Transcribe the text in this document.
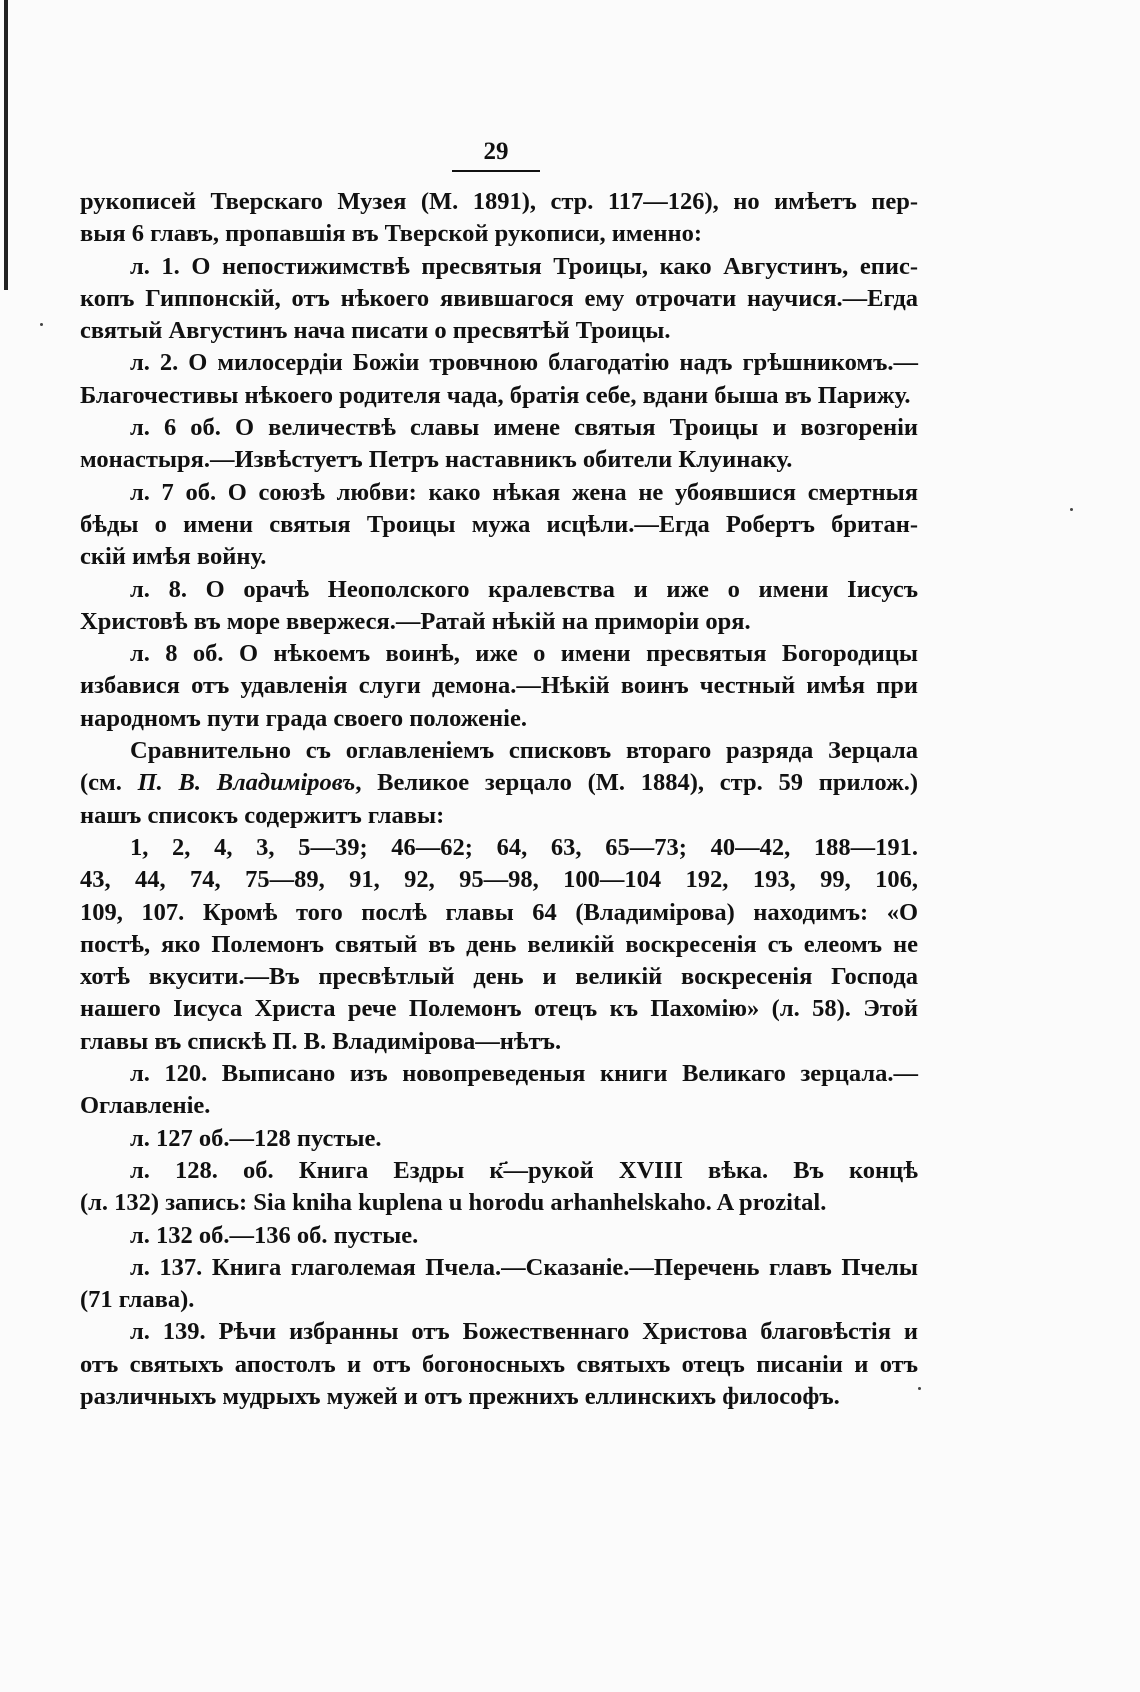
29

рукописей Тверскаго Музея (М. 1891), стр. 117—126), но имѣетъ пер-

выя 6 главъ, пропавшія въ Тверской рукописи, именно:

л. 1. О непостижимствѣ пресвятыя Троицы, како Августинъ, епис-

копъ Гиппонскій, отъ нѣкоего явившагося ему отрочати научися.—Егда

святый Августинъ нача писати о пресвятѣй Троицы.

л. 2. О милосердіи Божіи тровчною благодатію надъ грѣшникомъ.—

Благочестивы нѣкоего родителя чада, братія себе, вдани быша въ Парижу.

л. 6 об. О величествѣ славы имене святыя Троицы и возгореніи

монастыря.—Извѣстуетъ Петръ наставникъ обители Клуинаку.

л. 7 об. О союзѣ любви: како нѣкая жена не убоявшися смертныя

бѣды о имени святыя Троицы мужа исцѣли.—Егда Робертъ британ-

скій имѣя войну.

л. 8. О орачѣ Неополского кралевства и иже о имени Іисусъ

Христовѣ въ море ввержеся.—Ратай нѣкій на приморіи оря.

л. 8 об. О нѣкоемъ воинѣ, иже о имени пресвятыя Богородицы

избавися отъ удавленія слуги демона.—Нѣкій воинъ честный имѣя при

народномъ пути града своего положеніе.

Сравнительно съ оглавленіемъ списковъ втораго разряда Зерцала

(см. П. В. Владиміровъ, Великое зерцало (М. 1884), стр. 59 прилож.)

нашъ списокъ содержитъ главы:

1, 2, 4, 3, 5—39; 46—62; 64, 63, 65—73; 40—42, 188—191.

43, 44, 74, 75—89, 91, 92, 95—98, 100—104 192, 193, 99, 106,

109, 107. Кромѣ того послѣ главы 64 (Владимірова) находимъ: «О

постѣ, яко Полемонъ святый въ день великій воскресенія съ елеомъ не

хотѣ вкусити.—Въ пресвѣтлый день и великій воскресенія Господа

нашего Іисуса Христа рече Полемонъ отецъ къ Пахомію» (л. 58). Этой

главы въ спискѣ П. В. Владимірова—нѣтъ.

л. 120. Выписано изъ новопреведеныя книги Великаго зерцала.—

Оглавленіе.

л. 127 об.—128 пустые.

л. 128. об. Книга Ездры к҃—рукой XVIII вѣка. Въ концѣ

(л. 132) запись: Sia kniha kuplena u horodu arhanhelskaho. A prozital.

л. 132 об.—136 об. пустые.

л. 137. Книга глаголемая Пчела.—Сказаніе.—Перечень главъ Пчелы

(71 глава).

л. 139. Рѣчи избранны отъ Божественнаго Христова благовѣстія и

отъ святыхъ апостолъ и отъ богоносныхъ святыхъ отецъ писаніи и отъ

различныхъ мудрыхъ мужей и отъ прежнихъ еллинскихъ философъ.
